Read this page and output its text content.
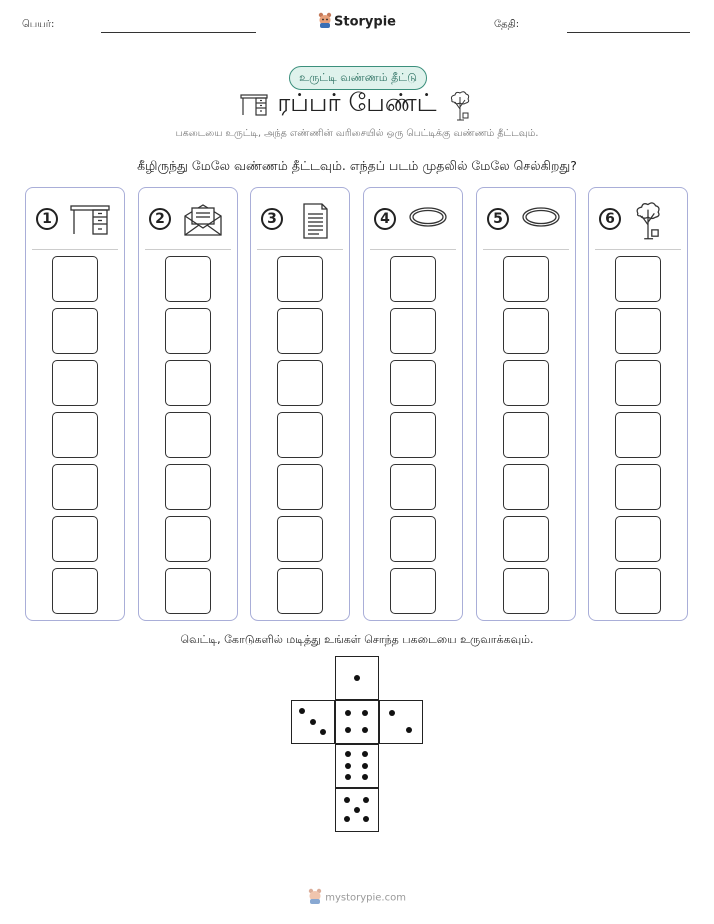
பெயர்:	Storypie	தேதி:
உருட்டி வண்ணம் தீட்டு
ரப்பர் பேண்ட்
பகடையை உருட்டி, அந்த எண்ணின் வரிசையில் ஒரு பெட்டிக்கு வண்ணம் தீட்டவும்.
கீழிருந்து மேலே வண்ணம் தீட்டவும். எந்தப் படம் முதலில் மேலே செல்கிறது?
1	2	3	4	5	6
வெட்டி, கோடுகளில் மடித்து உங்கள் சொந்த பகடையை உருவாக்கவும்.
mystorypie.com
